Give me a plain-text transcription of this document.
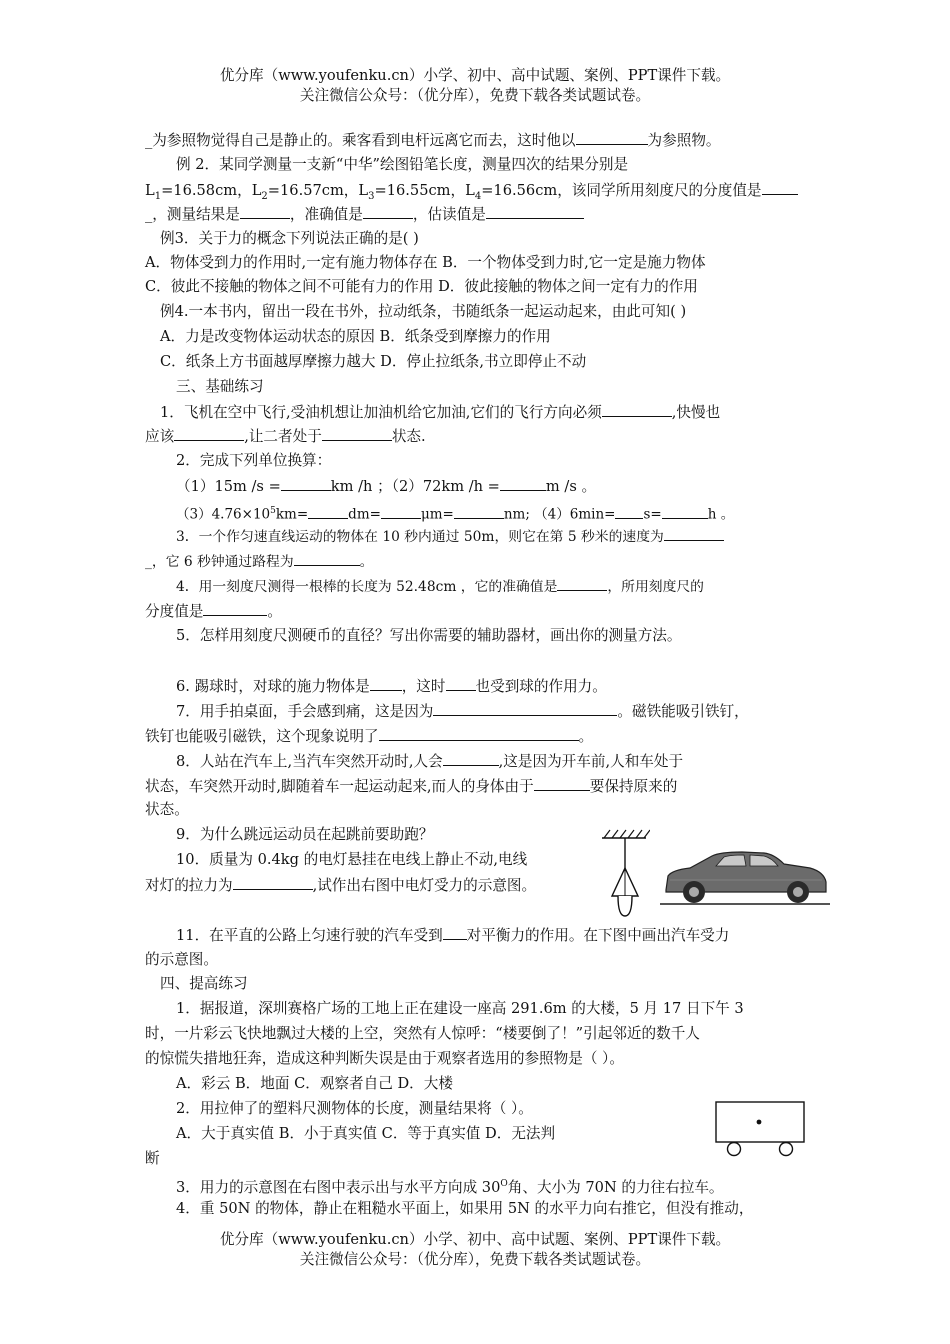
优分库（www.youfenku.cn）小学、初中、高中试题、案例、PPT课件下载。
关注微信公众号：（优分库），免费下载各类试题试卷。
_为参照物觉得自己是静止的。乘客看到电杆远离它而去，这时他以	为参照物。
例 2．某同学测量一支新“中华”绘图铅笔长度，测量四次的结果分别是
$L_1=16.58cm$，$L_2=16.57cm$，$L_3=16.55cm$，$L_4=16.56cm$，该同学所用刻度尺的分度值是
_，测量结果是	，准确值是	，估读值是
例3．关于力的概念下列说法正确的是( )
A．物体受到力的作用时,一定有施力物体存在 B．一个物体受到力时,它一定是施力物体
C．彼此不接触的物体之间不可能有力的作用 D．彼此接触的物体之间一定有力的作用
例4.一本书内，留出一段在书外，拉动纸条，书随纸条一起运动起来，由此可知( )
A．力是改变物体运动状态的原因 B．纸条受到摩擦力的作用
C．纸条上方书面越厚摩擦力越大 D．停止拉纸条,书立即停止不动
三、基础练习
1．飞机在空中飞行,受油机想让加油机给它加油,它们的飞行方向必须	,快慢也
应该	,让二者处于	状态.
2．完成下列单位换算：
（1）15m /s =	km /h ；（2）72km /h =	m /s 。
$(3)4.76\times 10^5km=$	dm=	μm=	nm; （4）6min= s=	h 。
3．一个作匀速直线运动的物体在 10 秒内通过 50m，则它在第 5 秒米的速度为
_，它 6 秒钟通过路程为	。
4．用一刻度尺测得一根棒的长度为 52.48cm ，它的准确值是	，所用刻度尺的
分度值是	。
5．怎样用刻度尺测硬币的直径？写出你需要的辅助器材，画出你的测量方法。
6. 踢球时，对球的施力物体是 ，这时 也受到球的作用力。
7．用手拍桌面，手会感到痛，这是因为	。磁铁能吸引铁钉，
铁钉也能吸引磁铁，这个现象说明了	。
8．人站在汽车上,当汽车突然开动时,人会	,这是因为开车前,人和车处于
状态，车突然开动时,脚随着车一起运动起来,而人的身体由于	要保持原来的
状态。
9．为什么跳远运动员在起跳前要助跑？
10．质量为 0.4kg 的电灯悬挂在电线上静止不动,电线
对灯的拉力为	,试作出右图中电灯受力的示意图。
11．在平直的公路上匀速行驶的汽车受到 对平衡力的作用。在下图中画出汽车受力
的示意图。
四、提高练习
1．据报道，深圳赛格广场的工地上正在建设一座高 291.6m 的大楼，5 月 17 日下午 3
时，一片彩云飞快地飘过大楼的上空，突然有人惊呼：“楼要倒了！”引起邻近的数千人
的惊慌失措地狂奔，造成这种判断失误是由于观察者选用的参照物是（ ）。
A．彩云 B．地面 C．观察者自己 D．大楼
2．用拉伸了的塑料尺测物体的长度，测量结果将（ ）。
A．大于真实值 B．小于真实值 C．等于真实值 D．无法判
断
3．用力的示意图在右图中表示出与水平方向成 $30^O$角、大小为 70N 的力往右拉车。
4．重 50N 的物体，静止在粗糙水平面上，如果用 5N 的水平力向右推它，但没有推动，
优分库（www.youfenku.cn）小学、初中、高中试题、案例、PPT课件下载。
关注微信公众号：（优分库），免费下载各类试题试卷。
